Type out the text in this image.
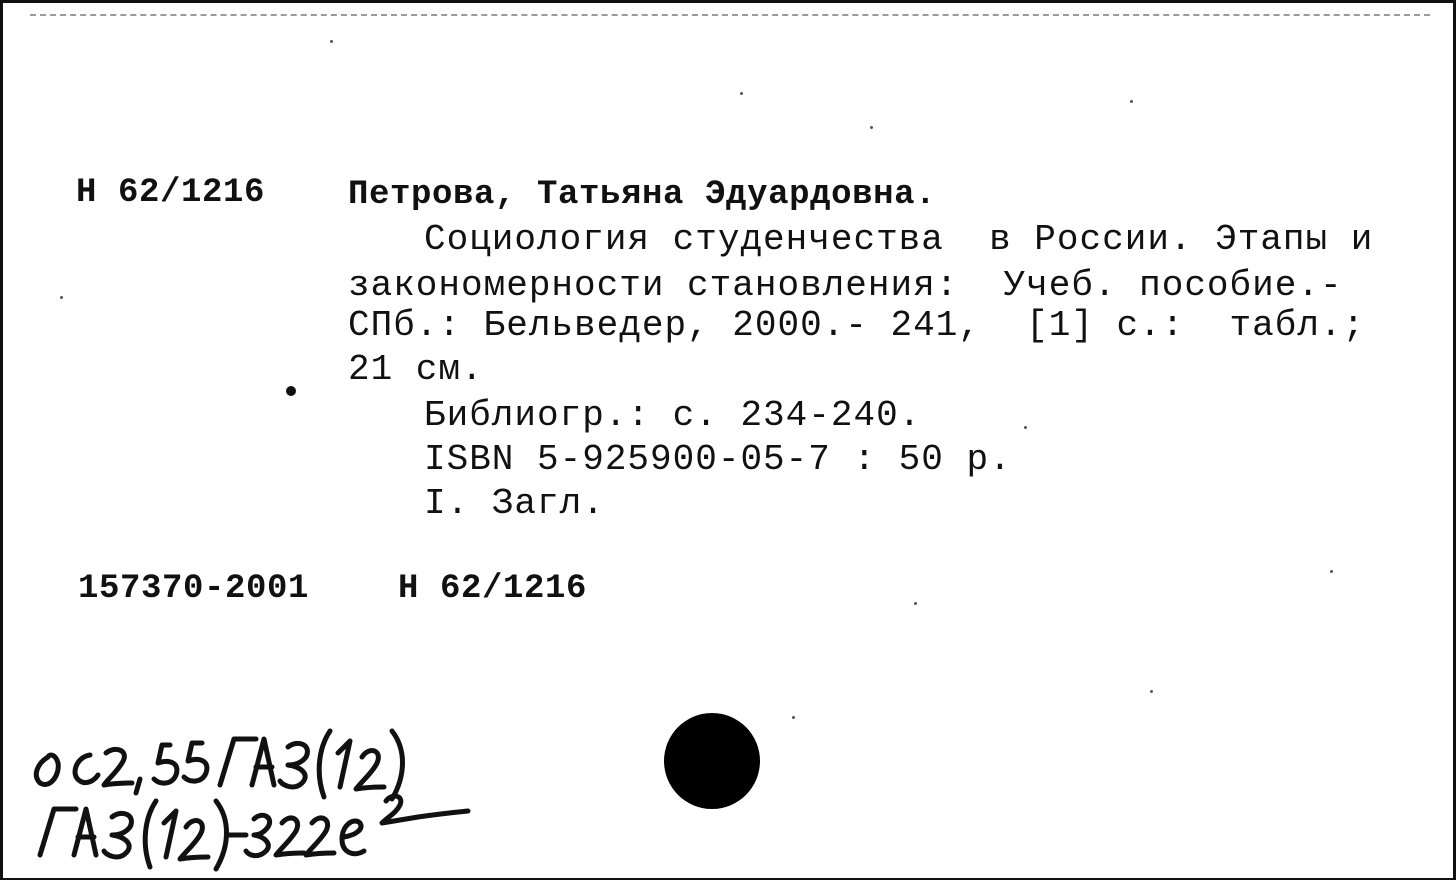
Н 62/1216 Петрова, Татьяна Эдуардовна.
Социология студенчества  в России. Этапы и
закономерности становления:  Учеб. пособие.-
СПб.: Бельведер, 2000.- 241,  [1] с.:  табл.;
21 см.
Библиогр.: с. 234-240.
ISBN 5-925900-05-7 : 50 р.
I. Загл.
157370-2001	Н 62/1216
